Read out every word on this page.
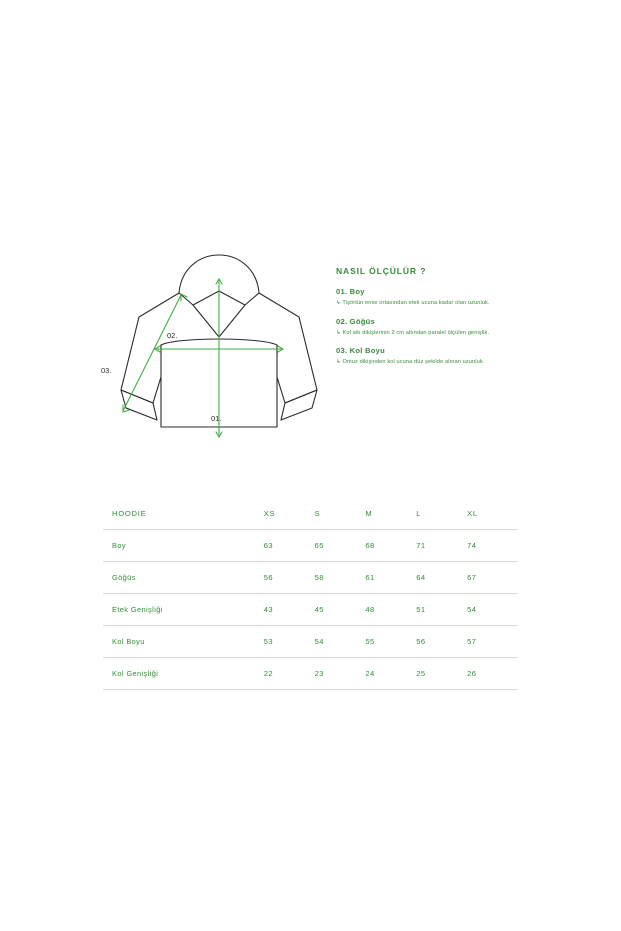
01.
02.
03.
NASIL ÖLÇÜLÜR ?
01. Boy
↳ Tişörtün ense ortasından etek ucuna kadar olan uzunluk.
02. Göğüs
↳ Kol altı dikişlerinin 2 cm altından paralel ölçülen genişlik.
03. Kol Boyu
↳ Omuz dikişinden kol ucuna düz şekilde alınan uzunluk.
HOODIE	XS	S	M	L	XL
Boy	63	65	68	71	74
Göğüs	56	58	61	64	67
Etek Genişliği	43	45	48	51	54
Kol Boyu	53	54	55	56	57
Kol Genişliği	22	23	24	25	26
